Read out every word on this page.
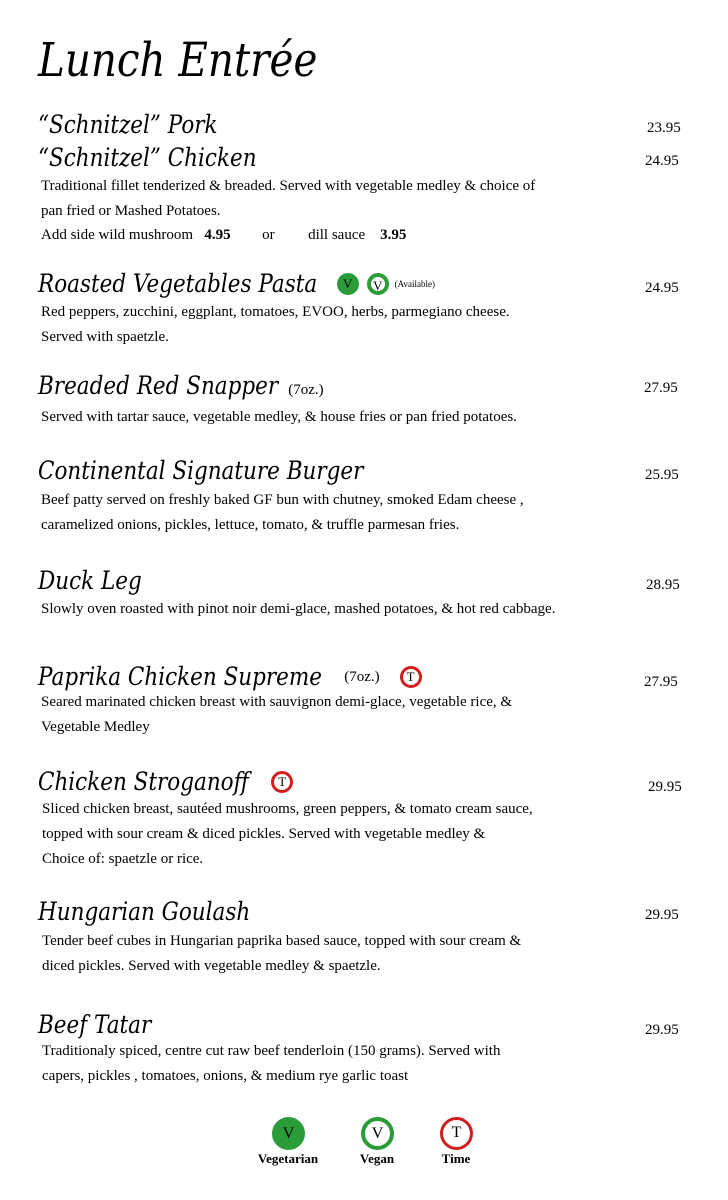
Lunch Entrée
“Schnitzel” Pork	23.95
“Schnitzel” Chicken	24.95
Traditional fillet tenderized & breaded. Served with vegetable medley & choice of
pan fried or Mashed Potatoes.
Add side wild mushroom 4.95 or dill sauce 3.95
Roasted Vegetables Pasta V V (Available)	24.95
Red peppers, zucchini, eggplant, tomatoes, EVOO, herbs, parmegiano cheese.
Served with spaetzle.
Breaded Red Snapper (7oz.)	27.95
Served with tartar sauce, vegetable medley, & house fries or pan fried potatoes.
Continental Signature Burger	25.95
Beef patty served on freshly baked GF bun with chutney, smoked Edam cheese ,
caramelized onions, pickles, lettuce, tomato, & truffle parmesan fries.
Duck Leg	28.95
Slowly oven roasted with pinot noir demi-glace, mashed potatoes, & hot red cabbage.
Paprika Chicken Supreme (7oz.) T	27.95
Seared marinated chicken breast with sauvignon demi-glace, vegetable rice, &
Vegetable Medley
Chicken Stroganoff T	29.95
Sliced chicken breast, sautéed mushrooms, green peppers, & tomato cream sauce,
topped with sour cream & diced pickles. Served with vegetable medley &
Choice of: spaetzle or rice.
Hungarian Goulash	29.95
Tender beef cubes in Hungarian paprika based sauce, topped with sour cream &
diced pickles. Served with vegetable medley & spaetzle.
Beef Tatar	29.95
Traditionaly spiced, centre cut raw beef tenderloin (150 grams). Served with
capers, pickles , tomatoes, onions, & medium rye garlic toast
V
Vegetarian
V
Vegan
T
Time
